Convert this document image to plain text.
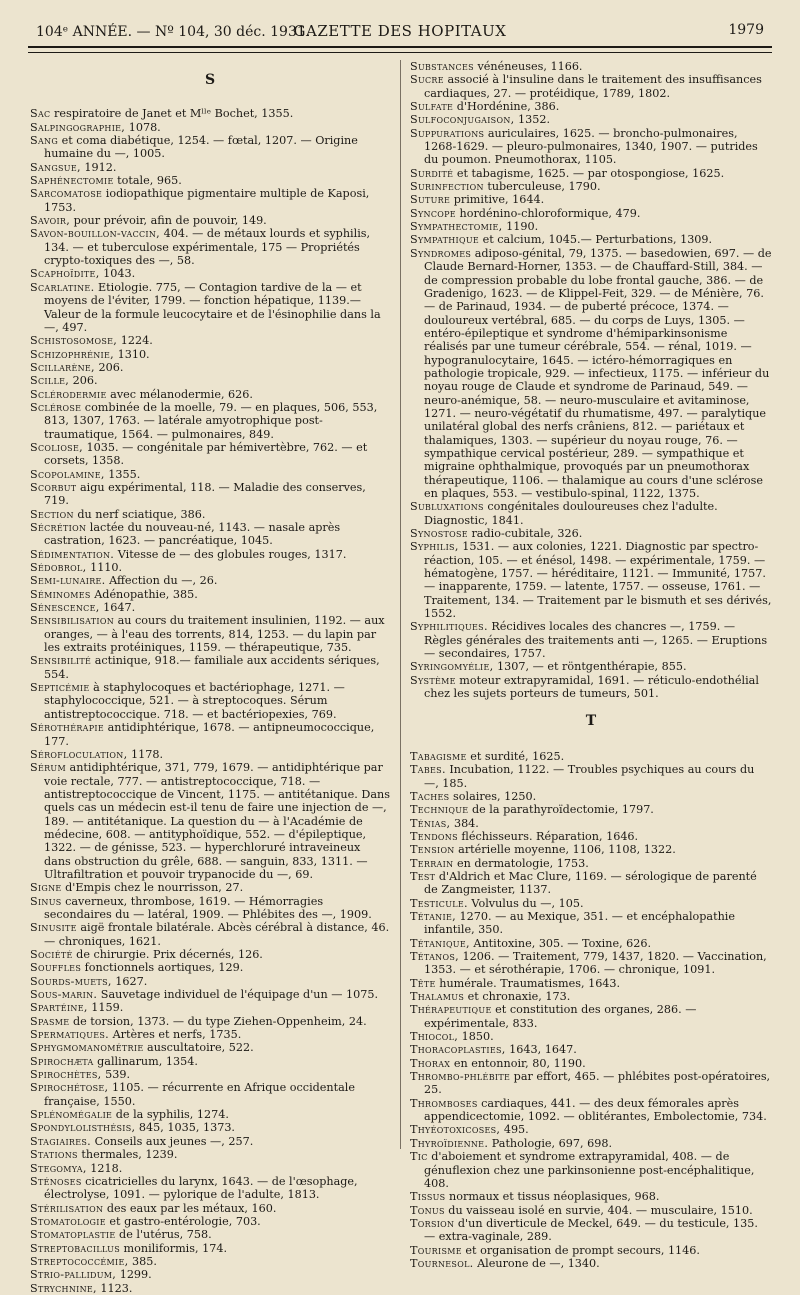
104ᵉ ANNÉE. — Nº 104, 30 déc. 1931.
GAZETTE DES HOPITAUX	1979
S

Sac respiratoire de Janet et Mˡˡᵉ Bochet, 1355.

Salpingographie, 1078.

Sang et coma diabétique, 1254. — fœtal, 1207. — Origine humaine du —, 1005.

Sangsue, 1912.

Saphénectomie totale, 965.

Sarcomatose iodiopathique pigmentaire multiple de Kaposi, 1753.

Savoir, pour prévoir, afin de pouvoir, 149.

Savon-bouillon-vaccin, 404. — de métaux lourds et syphilis, 134. — et tuberculose expérimentale, 175 — Propriétés crypto-toxiques des —, 58.

Scaphoïdite, 1043.

Scarlatine. Etiologie. 775, — Contagion tardive de la — et moyens de l'éviter, 1799. — fonction hépatique, 1139.— Valeur de la formule leucocytaire et de l'ésinophilie dans la —, 497.

Schistosomose, 1224.

Schizophrénie, 1310.

Scillarène, 206.

Scille, 206.

Sclérodermie avec mélanodermie, 626.

Sclérose combinée de la moelle, 79. — en plaques, 506, 553, 813, 1307, 1763. — latérale amyotrophique post-traumatique, 1564. — pulmonaires, 849.

Scoliose, 1035. — congénitale par hémivertèbre, 762. — et corsets, 1358.

Scopolamine, 1355.

Scorbut aigu expérimental, 118. — Maladie des conserves, 719.

Section du nerf sciatique, 386.

Sécrétion lactée du nouveau-né, 1143. — nasale après castration, 1623. — pancréatique, 1045.

Sédimentation. Vitesse de — des globules rouges, 1317.

Sédobrol, 1110.

Semi-lunaire. Affection du —, 26.

Séminomes Adénopathie, 385.

Sénescence, 1647.

Sensibilisation au cours du traitement insulinien, 1192. — aux oranges, — à l'eau des torrents, 814, 1253. — du lapin par les extraits protéiniques, 1159. — thérapeutique, 735.

Sensibilité actinique, 918.— familiale aux accidents sériques, 554.

Septicémie à staphylocoques et bactériophage, 1271. — staphylococcique, 521. — à streptocoques. Sérum antistreptococcique. 718. — et bactériopexies, 769.

Sérothérapie antidiphtérique, 1678. — antipneumococcique, 177.

Sérofloculation, 1178.

Sérum antidiphtérique, 371, 779, 1679. — antidiphtérique par voie rectale, 777. — antistreptococcique, 718. — antistreptococcique de Vincent, 1175. — antitétanique. Dans quels cas un médecin est-il tenu de faire une injection de —, 189. — antitétanique. La question du — à l'Académie de médecine, 608. — antityphoïdique, 552. — d'épileptique, 1322. — de génisse, 523. — hyperchloruré intraveineux dans obstruction du grêle, 688. — sanguin, 833, 1311. — Ultrafiltration et pouvoir trypanocide du —, 69.

Signe d'Empis chez le nourrisson, 27.

Sinus caverneux, thrombose, 1619. — Hémorragies secondaires du — latéral, 1909. — Phlébites des —, 1909.

Sinusite aigë frontale bilatérale. Abcès cérébral à distance, 46. — chroniques, 1621.

Société de chirurgie. Prix décernés, 126.

Souffles fonctionnels aortiques, 129.

Sourds-muets, 1627.

Sous-marin. Sauvetage individuel de l'équipage d'un — 1075.

Spartéine, 1159.

Spasme de torsion, 1373. — du type Ziehen-Oppenheim, 24.

Spermatiques. Artères et nerfs, 1735.

Sphygmomanométrie auscultatoire, 522.

Spirochæta gallinarum, 1354.

Spirochètes, 539.

Spirochétose, 1105. — récurrente en Afrique occidentale française, 1550.

Splénomégalie de la syphilis, 1274.

Spondylolisthésis, 845, 1035, 1373.

Stagiaires. Conseils aux jeunes —, 257.

Stations thermales, 1239.

Stegomya, 1218.

Sténoses cicatricielles du larynx, 1643. — de l'œsophage, électrolyse, 1091. — pylorique de l'adulte, 1813.

Stérilisation des eaux par les métaux, 160.

Stomatologie et gastro-entérologie, 703.

Stomatoplastie de l'utérus, 758.

Streptobacillus moniliformis, 174.

Streptococcémie, 385.

Strio-pallidum, 1299.

Strychnine, 1123.

Substances vénéneuses, 1166.

Sucre associé à l'insuline dans le traitement des insuffisances cardiaques, 27. — protéidique, 1789, 1802.

Sulfate d'Hordénine, 386.

Sulfoconjugaison, 1352.

Suppurations auriculaires, 1625. — broncho-pulmonaires, 1268-1629. — pleuro-pulmonaires, 1340, 1907. — putrides du poumon. Pneumothorax, 1105.

Surdité et tabagisme, 1625. — par otospongiose, 1625.

Surinfection tuberculeuse, 1790.

Suture primitive, 1644.

Syncope hordénino-chloroformique, 479.

Sympathectomie, 1190.

Sympathique et calcium, 1045.— Perturbations, 1309.

Syndromes adiposo-génital, 79, 1375. — basedowien, 697. — de Claude Bernard-Horner, 1353. — de Chauffard-Still, 384. — de compression probable du lobe frontal gauche, 386. — de Gradenigo, 1623. — de Klippel-Feit, 329. — de Ménière, 76. — de Parinaud, 1934. — de puberté précoce, 1374. — douloureux vertébral, 685. — du corps de Luys, 1305. — entéro-épileptique et syndrome d'hémiparkinsonisme réalisés par une tumeur cérébrale, 554. — rénal, 1019. — hypogranulocytaire, 1645. — ictéro-hémorragiques en pathologie tropicale, 929. — infectieux, 1175. — inférieur du noyau rouge de Claude et syndrome de Parinaud, 549. — neuro-anémique, 58. — neuro-musculaire et avitaminose, 1271. — neuro-végétatif du rhumatisme, 497. — paralytique unilatéral global des nerfs crâniens, 812. — pariétaux et thalamiques, 1303. — supérieur du noyau rouge, 76. — sympathique cervical postérieur, 289. — sympathique et migraine ophthalmique, provoqués par un pneumothorax thérapeutique, 1106. — thalamique au cours d'une sclérose en plaques, 553. — vestibulo-spinal, 1122, 1375.

Subluxations congénitales douloureuses chez l'adulte. Diagnostic, 1841.

Synostose radio-cubitale, 326.

Syphilis, 1531. — aux colonies, 1221. Diagnostic par spectro-réaction, 105. — et énésol, 1498. — expérimentale, 1759. — hématogène, 1757. — héréditaire, 1121. — Immunité, 1757. — inapparente, 1759. — latente, 1757. — osseuse, 1761. — Traitement, 134. — Traitement par le bismuth et ses dérivés, 1552.

Syphilitiques. Récidives locales des chancres —, 1759. — Règles générales des traitements anti —, 1265. — Eruptions — secondaires, 1757.

Syringomyélie, 1307, — et röntgenthérapie, 855.

Système moteur extrapyramidal, 1691. — réticulo-endothélial chez les sujets porteurs de tumeurs, 501.

T

Tabagisme et surdité, 1625.

Tabes. Incubation, 1122. — Troubles psychiques au cours du —, 185.

Taches solaires, 1250.

Technique de la parathyroïdectomie, 1797.

Ténias, 384.

Tendons fléchisseurs. Réparation, 1646.

Tension artérielle moyenne, 1106, 1108, 1322.

Terrain en dermatologie, 1753.

Test d'Aldrich et Mac Clure, 1169. — sérologique de parenté de Zangmeister, 1137.

Testicule. Volvulus du —, 105.

Tétanie, 1270. — au Mexique, 351. — et encéphalopathie infantile, 350.

Tétanique, Antitoxine, 305. — Toxine, 626.

Tétanos, 1206. — Traitement, 779, 1437, 1820. — Vaccination, 1353. — et sérothérapie, 1706. — chronique, 1091.

Tête humérale. Traumatismes, 1643.

Thalamus et chronaxie, 173.

Thérapeutique et constitution des organes, 286. — expérimentale, 833.

Thiocol, 1850.

Thoracoplasties, 1643, 1647.

Thorax en entonnoir, 80, 1190.

Thrombo-phlébite par effort, 465. — phlébites post-opératoires, 25.

Thromboses cardiaques, 441. — des deux fémorales après appendicectomie, 1092. — oblitérantes, Embolectomie, 734.

Thyéotoxicoses, 495.

Thyroïdienne. Pathologie, 697, 698.

Tic d'aboiement et syndrome extrapyramidal, 408. — de génuflexion chez une parkinsonienne post-encéphalitique, 408.

Tissus normaux et tissus néoplasiques, 968.

Tonus du vaisseau isolé en survie, 404. — musculaire, 1510.

Torsion d'un diverticule de Meckel, 649. — du testicule, 135. — extra-vaginale, 289.

Tourisme et organisation de prompt secours, 1146.

Tournesol. Aleurone de —, 1340.
